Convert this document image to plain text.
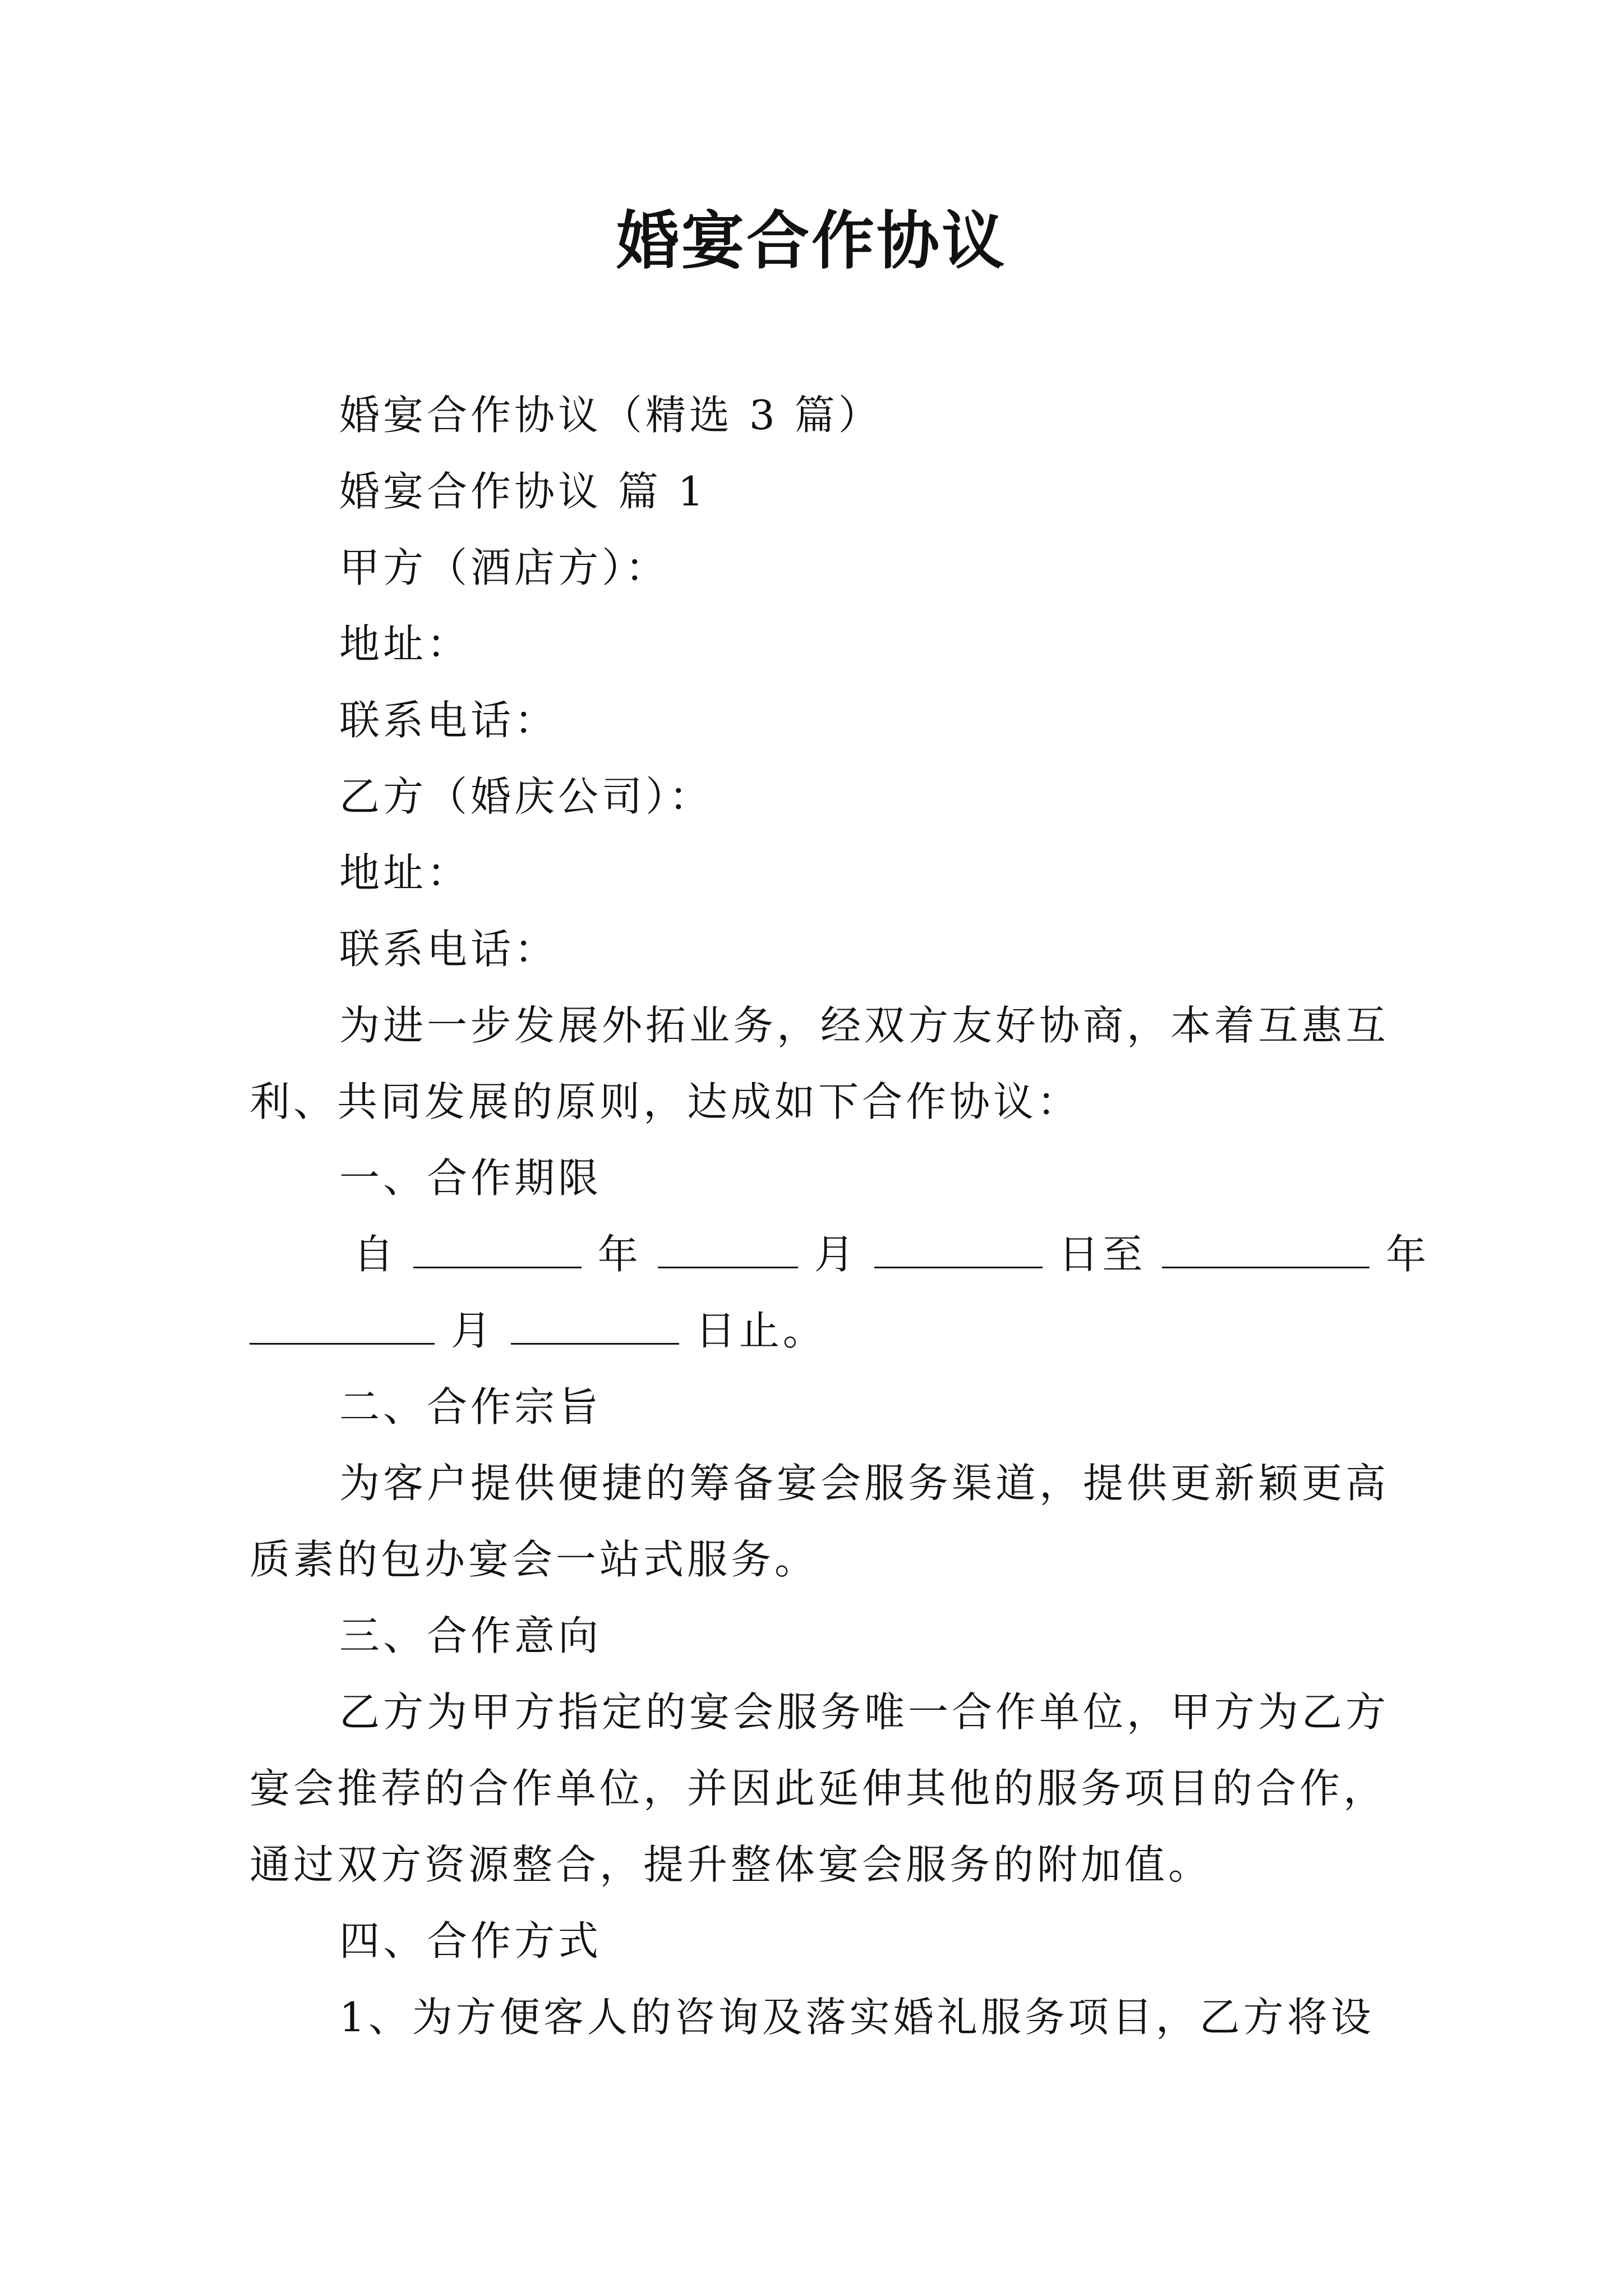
婚宴合作协议
婚宴合作协议（精选 3 篇）
婚宴合作协议 篇 1
甲方（酒店方）：
地址：
联系电话：
乙方（婚庆公司）：
地址：
联系电话：
为进一步发展外拓业务，经双方友好协商，本着互惠互
利、共同发展的原则，达成如下合作协议：
一、合作期限
自	年	月	日至	年
月	日止。
二、合作宗旨
为客户提供便捷的筹备宴会服务渠道，提供更新颖更高
质素的包办宴会一站式服务。
三、合作意向
乙方为甲方指定的宴会服务唯一合作单位，甲方为乙方
宴会推荐的合作单位，并因此延伸其他的服务项目的合作，
通过双方资源整合，提升整体宴会服务的附加值。
四、合作方式
1、为方便客人的咨询及落实婚礼服务项目，乙方将设
